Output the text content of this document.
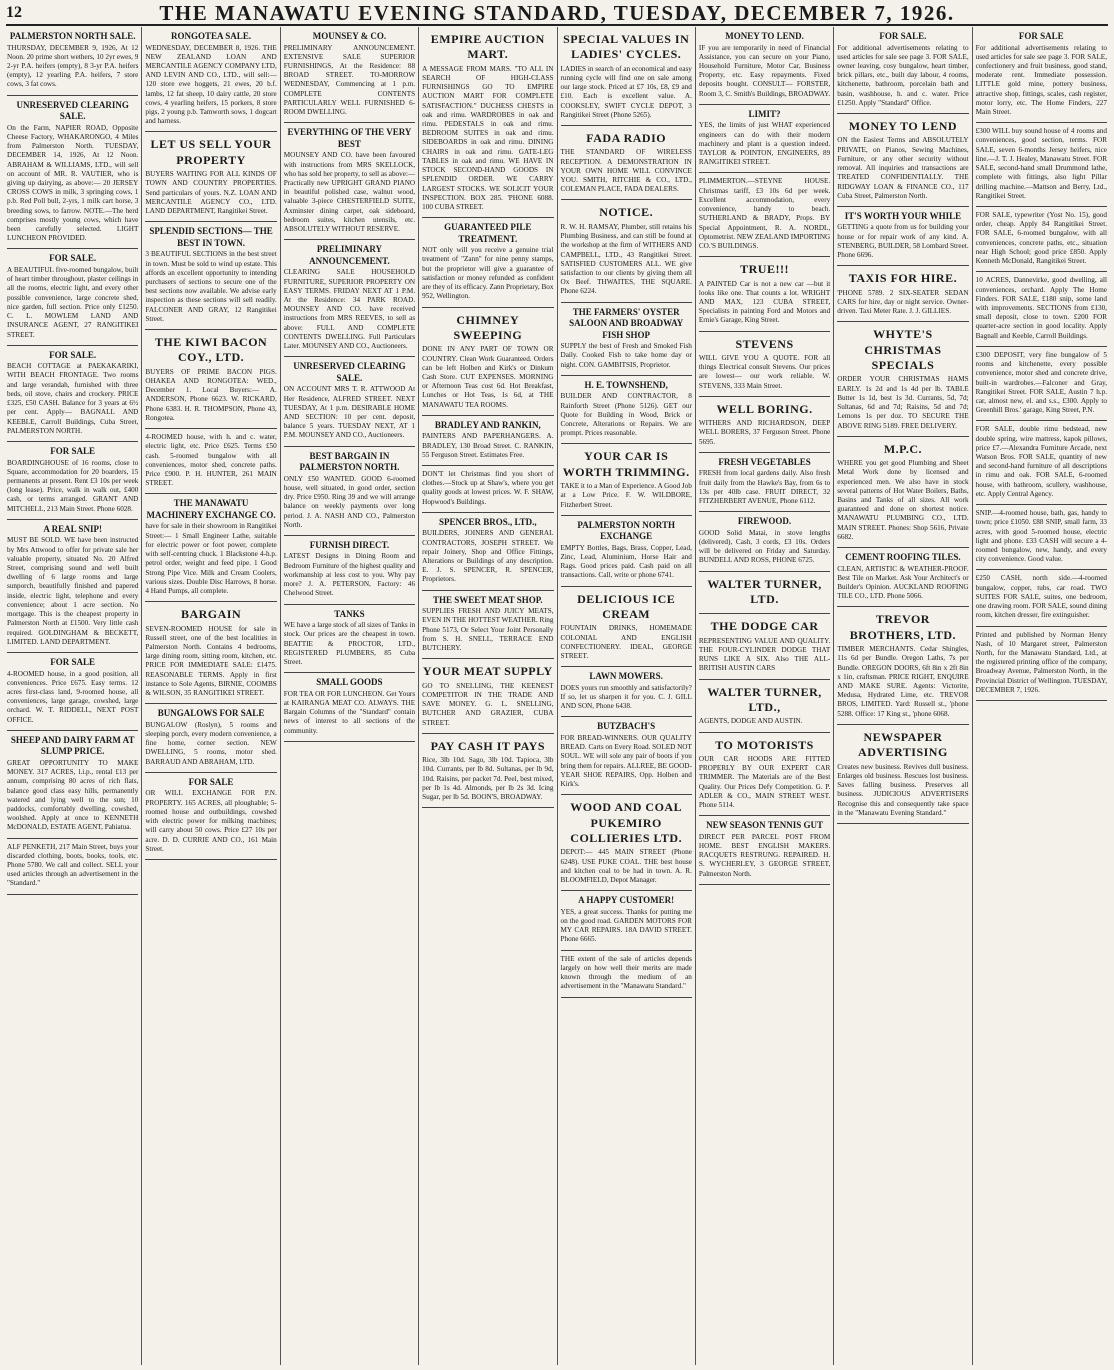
12	THE MANAWATU EVENING STANDARD, TUESDAY, DECEMBER 7, 1926.
PALMERSTON NORTH SALE.
THURSDAY, DECEMBER 9, 1926, At 12 Noon. 20 prime short wethers, 10 2yr ewes, 9 2-yr P.A. heifers (empty), 8 3-yr P.A. heifers (empty), 12 yearling P.A. heifers, 7 store cows, 3 fat cows.
UNRESERVED CLEARING SALE.
On the Farm, NAPIER ROAD, Opposite Cheese Factory, WHAKARONGO, 4 Miles from Palmerston North. TUESDAY, DECEMBER 14, 1926, At 12 Noon. ABRAHAM & WILLIAMS, LTD., will sell on account of MR. R. VAUTIER, who is giving up dairying, as above:— 20 JERSEY CROSS COWS in milk, 3 springing cows, 1 p.b. Red Poll bull, 2-yrs, 1 milk cart horse, 3 breeding sows, to farrow. NOTE.—The herd comprises mostly young cows, which have been carefully selected. LIGHT LUNCHEON PROVIDED.
FOR SALE.
A BEAUTIFUL five-roomed bungalow, built of heart timber throughout, plaster ceilings in all the rooms, electric light, and every other possible convenience, large concrete shed, nice garden, full section. Price only £1250. C. L. MOWLEM LAND AND INSURANCE AGENT, 27 RANGITIKEI STREET.
FOR SALE.
BEACH COTTAGE at PAEKAKARIKI, WITH BEACH FRONTAGE. Two rooms and large verandah, furnished with three beds, oil stove, chairs and crockery. PRICE £325, £50 CASH. Balance for 3 years at 6½ per cent. Apply— BAGNALL AND KEEBLE, Carroll Buildings, Cuba Street, PALMERSTON NORTH.
FOR SALE
BOARDINGHOUSE of 16 rooms, close to Square, accommodation for 20 boarders, 15 permanents at present. Rent £3 10s per week (long lease). Price, walk in walk out, £400 cash, or terms arranged. GRANT AND MITCHELL, 213 Main Street. Phone 6028.
A REAL SNIP!
MUST BE SOLD. WE have been instructed by Mrs Attwood to offer for private sale her valuable property, situated No. 20 Alfred Street, comprising sound and well built dwelling of 6 large rooms and large sunporch, beautifully finished and papered inside, electric light, telephone and every convenience; about 1 acre section. No mortgage. This is the cheapest property in Palmerston North at £1500. Very little cash required. GOLDINGHAM & BECKETT, LIMITED. LAND DEPARTMENT.
FOR SALE
4-ROOMED house, in a good position, all conveniences. Price £675. Easy terms. 12 acres first-class land, 9-roomed house, all conveniences, large garage, cowshed, large orchard. W. T. RIDDELL, NEXT POST OFFICE.
SHEEP AND DAIRY FARM AT SLUMP PRICE.
GREAT OPPORTUNITY TO MAKE MONEY. 317 ACRES, l.i.p., rental £13 per annum, comprising 80 acres of rich flats, balance good class easy hills, permanently watered and lying well to the sun; 10 paddocks, comfortably dwelling, cowshed, woolshed. Apply at once to KENNETH McDONALD, ESTATE AGENT, Pahiatua.
ALF PENKETH, 217 Main Street, buys your discarded clothing, boots, books, tools, etc. Phone 5780. We call and collect. SELL your used articles through an advertisement in the "Standard."
RONGOTEA SALE.
WEDNESDAY, DECEMBER 8, 1926. THE NEW ZEALAND LOAN AND MERCANTILE AGENCY COMPANY LTD, AND LEVIN AND CO., LTD., will sell:— 120 store ewe hoggets, 21 ewes, 20 b.f. lambs, 12 fat sheep, 10 dairy cattle, 20 store cows, 4 yearling heifers, 15 porkers, 8 store pigs, 2 young p.b. Tamworth sows, 1 dogcart and harness.
LET US SELL YOUR PROPERTY
BUYERS WAITING FOR ALL KINDS OF TOWN AND COUNTRY PROPERTIES. Send particulars of yours. N.Z. LOAN AND MERCANTILE AGENCY CO., LTD. LAND DEPARTMENT, Rangitikei Street.
SPLENDID SECTIONS— THE BEST IN TOWN.
3 BEAUTIFUL SECTIONS in the best street in town. Must be sold to wind up estate. This affords an excellent opportunity to intending purchasers of sections to secure one of the best sections now available. We advise early inspection as these sections will sell readily. FALCONER AND GRAY, 12 Rangitikei Street.
THE KIWI BACON COY., LTD.
BUYERS OF PRIME BACON PIGS. OHAKEA AND RONGOTEA: WED., December 1. Local Buyers:— A. ANDERSON, Phone 6623. W. RICKARD, Phone 6383. H. R. THOMPSON, Phone 43, Rongotea.
4-ROOMED house, with h. and c. water, electric light, etc. Price £625. Terms £50 cash. 5-roomed bungalow with all conveniences, motor shed, concrete paths. Price £900. P. H. HUNTER, 261 MAIN STREET.
THE MANAWATU MACHINERY EXCHANGE CO.
have for sale in their showroom in Rangitikei Street:— 1 Small Engineer Lathe, suitable for electric power or foot power, complete with self-centring chuck. 1 Blackstone 4-h.p. petrol order, weight and feed pipe. 1 Good Strong Pipe Vice. Milk and Cream Coolers, various sizes. Double Disc Harrows, 8 horse. 4 Hand Pumps, all complete.
BARGAIN
SEVEN-ROOMED HOUSE for sale in Russell street, one of the best localities in Palmerston North. Contains 4 bedrooms, large dining room, sitting room, kitchen, etc. PRICE FOR IMMEDIATE SALE: £1475. REASONABLE TERMS. Apply in first instance to Sole Agents, BIRNIE, COOMBS & WILSON, 35 RANGITIKEI STREET.
BUNGALOWS FOR SALE
BUNGALOW (Roslyn), 5 rooms and sleeping porch, every modern convenience, a fine home, corner section. NEW DWELLING, 5 rooms, motor shed. BARRAUD AND ABRAHAM, LTD.
FOR SALE
OR WILL EXCHANGE FOR P.N. PROPERTY. 165 ACRES, all ploughable; 5-roomed house and outbuildings, cowshed with electric power for milking machines; will carry about 50 cows. Price £27 10s per acre. D. D. CURRIE AND CO., 161 Main Street.
MOUNSEY & CO.
PRELIMINARY ANNOUNCEMENT. EXTENSIVE SALE SUPERIOR FURNISHINGS, At the Residence: 88 BROAD STREET. TO-MORROW WEDNESDAY, Commencing at 1 p.m. COMPLETE CONTENTS PARTICULARLY WELL FURNISHED 6-ROOM DWELLING.
EVERYTHING OF THE VERY BEST
MOUNSEY AND CO. have been favoured with instructions from MRS SKELLOCK, who has sold her property, to sell as above:— Practically new UPRIGHT GRAND PIANO in beautiful polished case, walnut wood, valuable 3-piece CHESTERFIELD SUITE, Axminster dining carpet, oak sideboard, bedroom suites, kitchen utensils, etc. ABSOLUTELY WITHOUT RESERVE.
PRELIMINARY ANNOUNCEMENT.
CLEARING SALE HOUSEHOLD FURNITURE, SUPERIOR PROPERTY ON EASY TERMS. FRIDAY NEXT AT 1 P.M. At the Residence: 34 PARK ROAD. MOUNSEY AND CO. have received instructions from MRS REEVES, to sell as above: FULL AND COMPLETE CONTENTS DWELLING. Full Particulars Later. MOUNSEY AND CO., Auctioneers.
UNRESERVED CLEARING SALE.
ON ACCOUNT MRS T. R. ATTWOOD At Her Residence, ALFRED STREET. NEXT TUESDAY, At 1 p.m. DESIRABLE HOME AND SECTION: 10 per cent. deposit, balance 5 years. TUESDAY NEXT, AT 1 P.M. MOUNSEY AND CO., Auctioneers.
BEST BARGAIN IN PALMERSTON NORTH.
ONLY £50 WANTED. GOOD 6-roomed house, well situated, in good order, section dry. Price £950. Ring 39 and we will arrange balance on weekly payments over long period. J. A. NASH AND CO., Palmerston North.
FURNISH DIRECT.
LATEST Designs in Dining Room and Bedroom Furniture of the highest quality and workmanship at less cost to you. Why pay more? J. A. PETERSON, Factory: 46 Chelwood Street.
TANKS
WE have a large stock of all sizes of Tanks in stock. Our prices are the cheapest in town. BEATTIE & PROCTOR, LTD., REGISTERED PLUMBERS, 85 Cuba Street.
SMALL GOODS
FOR TEA OR FOR LUNCHEON. Get Yours at KAIRANGA MEAT CO. ALWAYS. THE Bargain Columns of the "Standard" contain news of interest to all sections of the community.
EMPIRE AUCTION MART.
A MESSAGE FROM MARS. "TO ALL IN SEARCH OF HIGH-CLASS FURNISHINGS GO TO EMPIRE AUCTION MART FOR COMPLETE SATISFACTION." DUCHESS CHESTS in oak and rimu. WARDROBES in oak and rimu. PEDESTALS in oak and rimu. BEDROOM SUITES in oak and rimu. SIDEBOARDS in oak and rimu. DINING CHAIRS in oak and rimu. GATE-LEG TABLES in oak and rimu. WE HAVE IN STOCK SECOND-HAND GOODS IN SPLENDID ORDER. WE CARRY LARGEST STOCKS. WE SOLICIT YOUR INSPECTION. BOX 285. 'PHONE 6088. 100 CUBA STREET.
GUARANTEED PILE TREATMENT.
NOT only will you receive a genuine trial treatment of "Zann" for nine penny stamps, but the proprietor will give a guarantee of satisfaction or money refunded as confident are they of its efficacy. Zann Proprietary, Box 952, Wellington.
CHIMNEY SWEEPING
DONE IN ANY PART OF TOWN OR COUNTRY. Clean Work Guaranteed. Orders can be left Holben and Kirk's or Dinkum Cash Store. CUT EXPENSES. MORNING or Afternoon Teas cost 6d. Hot Breakfast, Lunches or Hot Teas, 1s 6d, at THE MANAWATU TEA ROOMS.
BRADLEY AND RANKIN,
PAINTERS AND PAPERHANGERS. A. BRADLEY, 130 Broad Street. C. RANKIN, 55 Ferguson Street. Estimates Free.
DON'T let Christmas find you short of clothes.—Stock up at Shaw's, where you get quality goods at lowest prices. W. F. SHAW, Hopwood's Buildings.
SPENCER BROS., LTD.,
BUILDERS, JOINERS AND GENERAL CONTRACTORS, JOSEPH STREET. We repair Joinery, Shop and Office Fittings, Alterations or Buildings of any description. E. J. S. SPENCER, R. SPENCER, Proprietors.
THE SWEET MEAT SHOP.
SUPPLIES FRESH AND JUICY MEATS, EVEN IN THE HOTTEST WEATHER. Ring Phone 5173, Or Select Your Joint Personally from S. H. SNELL, TERRACE END BUTCHERY.
YOUR MEAT SUPPLY
GO TO SNELLING, THE KEENEST COMPETITOR IN THE TRADE AND SAVE MONEY. G. L. SNELLING, BUTCHER AND GRAZIER, CUBA STREET.
PAY CASH IT PAYS
Rice, 3lb 10d. Sago, 3lb 10d. Tapioca, 3lb 10d. Currants, per lb 8d. Sultanas, per lb 9d, 10d. Raisins, per packet 7d. Peel, best mixed, per lb 1s 4d. Almonds, per lb 2s 3d. Icing Sugar, per lb 5d. BOON'S, BROADWAY.
SPECIAL VALUES IN LADIES' CYCLES.
LADIES in search of an economical and easy running cycle will find one on sale among our large stock. Priced at £7 10s, £8, £9 and £10. Each is excellent value. A. COOKSLEY, SWIFT CYCLE DEPOT, 3 Rangitikei Street (Phone 5265).
FADA RADIO
THE STANDARD OF WIRELESS RECEPTION. A DEMONSTRATION IN YOUR OWN HOME WILL CONVINCE YOU. SMITH, RITCHIE & CO., LTD., COLEMAN PLACE, FADA DEALERS.
NOTICE.
R. W. H. RAMSAY, Plumber, still retains his Plumbing Business, and can still be found at the workshop at the firm of WITHERS AND CAMPBELL, LTD., 43 Rangitikei Street. SATISFIED CUSTOMERS ALL. WE give satisfaction to our clients by giving them all Ox Beef. THWAITES, THE SQUARE. Phone 6224.
THE FARMERS' OYSTER SALOON AND BROADWAY FISH SHOP
SUPPLY the best of Fresh and Smoked Fish Daily. Cooked Fish to take home day or night. CON. GAMBITSIS, Proprietor.
H. E. TOWNSHEND,
BUILDER AND CONTRACTOR, 8 Rainforth Street (Phone 5126). GET our Quote for Building in Wood, Brick or Concrete, Alterations or Repairs. We are prompt. Prices reasonable.
YOUR CAR IS WORTH TRIMMING.
TAKE it to a Man of Experience. A Good Job at a Low Price. F. W. WILDBORE, Fitzherbert Street.
PALMERSTON NORTH EXCHANGE
EMPTY Bottles, Bags, Brass, Copper, Lead, Zinc, Lead, Aluminium, Horse Hair and Rags. Good prices paid. Cash paid on all transactions. Call, write or phone 6741.
DELICIOUS ICE CREAM
FOUNTAIN DRINKS, HOMEMADE COLONIAL AND ENGLISH CONFECTIONERY. IDEAL, GEORGE STREET.
LAWN MOWERS.
DOES yours run smoothly and satisfactorily? If so, let us sharpen it for you. C. J. GILL AND SON, Phone 6438.
BUTZBACH'S
FOR BREAD-WINNERS. OUR QUALITY BREAD. Carts on Every Road. SOLED NOT SOUL. WE will sole any pair of boots if you bring them for repairs. ALLREE, BE GOOD-YEAR SHOE REPAIRS, Opp. Holben and Kirk's.
WOOD AND COAL PUKEMIRO COLLIERIES LTD.
DEPOT:— 445 MAIN STREET (Phone 6248). USE PUKE COAL. THE best house and kitchen coal to be had in town. A. R. BLOOMFIELD, Depot Manager.
A HAPPY CUSTOMER!
YES, a great success. Thanks for putting me on the good road. GARDEN MOTORS FOR MY CAR REPAIRS. 18A DAVID STREET. Phone 6665.
THE extent of the sale of articles depends largely on how well their merits are made known through the medium of an advertisement in the "Manawatu Standard."
MONEY TO LEND.
IF you are temporarily in need of Financial Assistance, you can secure on your Piano, Household Furniture, Motor Car, Business Property, etc. Easy repayments. Fixed deposits bought. CONSULT— FORSTER, Room 3, C. Smith's Buildings, BROADWAY.
LIMIT?
YES, the limits of just WHAT experienced engineers can do with their modern machinery and plant is a question indeed. TAYLOR & POINTON, ENGINEERS, 89 RANGITIKEI STREET.
PLIMMERTON.—STEYNE HOUSE. Christmas tariff, £3 10s 6d per week. Excellent accommodation, every convenience, handy to beach. SUTHERLAND & BRADY, Props. BY Special Appointment, R. A. NORDL, Optometrist. NEW ZEALAND IMPORTING CO.'S BUILDINGS.
TRUE!!!
A PAINTED Car is not a new car —but it looks like one. That counts a lot. WRIGHT AND MAX, 123 CUBA STREET, Specialists in painting Ford and Motors and Ernie's Garage, King Street.
STEVENS
WILL GIVE YOU A QUOTE. FOR all things Electrical consult Stevens. Our prices are lowest— our work reliable. W. STEVENS, 333 Main Street.
WELL BORING.
WITHERS AND RICHARDSON, DEEP WELL BORERS, 37 Ferguson Street. Phone 5695.
FRESH VEGETABLES
FRESH from local gardens daily. Also fresh fruit daily from the Hawke's Bay, from 6s to 13s per 40lb case. FRUIT DIRECT, 32 FITZHERBERT AVENUE, Phone 6112.
FIREWOOD.
GOOD Solid Matai, in stove lengths (delivered), Cash, 3 cords, £3 10s. Orders will be delivered on Friday and Saturday. BUNDELL AND ROSS, PHONE 6725.
WALTER TURNER, LTD.
THE DODGE CAR
REPRESENTING VALUE AND QUALITY. THE FOUR-CYLINDER DODGE THAT RUNS LIKE A SIX. Also THE ALL-BRITISH AUSTIN CARS
WALTER TURNER, LTD.,
AGENTS, DODGE AND AUSTIN.
TO MOTORISTS
OUR CAR HOODS ARE FITTED PROPERLY BY OUR EXPERT CAR TRIMMER. The Materials are of the Best Quality. Our Prices Defy Competition. G. P. ADLER & CO., MAIN STREET WEST. Phone 5114.
NEW SEASON TENNIS GUT
DIRECT PER PARCEL POST FROM HOME. BEST ENGLISH MAKERS. RACQUETS RESTRUNG. REPAIRED. H. S. WYCHERLEY, 3 GEORGE STREET, Palmerston North.
FOR SALE.
For additional advertisements relating to used articles for sale see page 3. FOR SALE, owner leaving, cosy bungalow, heart timber, brick pillars, etc., built day labour, 4 rooms, kitchenette, bathroom, porcelain bath and basin, washhouse, h. and c. water. Price £1250. Apply "Standard" Office.
MONEY TO LEND
ON the Easiest Terms and ABSOLUTELY PRIVATE, on Pianos, Sewing Machines, Furniture, or any other security without removal. All inquiries and transactions are TREATED CONFIDENTIALLY. THE RIDGWAY LOAN & FINANCE CO., 117 Cuba Street, Palmerston North.
IT'S WORTH YOUR WHILE
GETTING a quote from us for building your house or for repair work of any kind. A. STENBERG, BUILDER, 58 Lombard Street. Phone 6696.
TAXIS FOR HIRE.
'PHONE 5789. 2 SIX-SEATER SEDAN CARS for hire, day or night service. Owner-driven. Taxi Meter Rate. J. J. GILLIES.
WHYTE'S CHRISTMAS SPECIALS
ORDER YOUR CHRISTMAS HAMS EARLY. 1s 2d and 1s 4d per lb. TABLE Butter 1s 1d, best 1s 3d. Currants, 5d, 7d; Sultanas, 6d and 7d; Raisins, 5d and 7d; Lemons 1s per doz. TO SECURE THE ABOVE RING 5189. FREE DELIVERY.
M.P.C.
WHERE you get good Plumbing and Sheet Metal Work done by licensed and experienced men. We also have in stock several patterns of Hot Water Boilers, Baths, Basins and Tanks of all sizes. All work guaranteed and done on shortest notice. MANAWATU PLUMBING CO., LTD. MAIN STREET. Phones: Shop 5616, Private 6682.
CEMENT ROOFING TILES.
CLEAN, ARTISTIC & WEATHER-PROOF. Best Tile on Market. Ask Your Architect's or Builder's Opinion. AUCKLAND ROOFING TILE CO., LTD. Phone 5066.
TREVOR BROTHERS, LTD.
TIMBER MERCHANTS. Cedar Shingles, 11s 6d per Bundle. Oregon Laths, 7s per Bundle. OREGON DOORS, 6ft 8in x 2ft 8in x 1in, craftsman. PRICE RIGHT, ENQUIRE AND MAKE SURE. Agents: Victorite, Medusa, Hydrated Lime, etc. TREVOR BROS, LIMITED. Yard: Russell st., 'phone 5288. Office: 17 King st., 'phone 6068.
NEWSPAPER ADVERTISING
Creates new business. Revives dull business. Enlarges old business. Rescues lost business. Saves falling business. Preserves all business. JUDICIOUS ADVERTISERS Recognise this and consequently take space in the "Manawatu Evening Standard."
FOR SALE
For additional advertisements relating to used articles for sale see page 3. FOR SALE, confectionery and fruit business, good stand, moderate rent. Immediate possession. LITTLE gold mine, pottery business, attractive shop, fittings, scales, cash register, motor lorry, etc. The Home Finders, 227 Main Street.
£300 WILL buy sound house of 4 rooms and conveniences, good section, terms. FOR SALE, seven 6-months Jersey heifers, nice line.—J. T. J. Healey, Manawatu Street. FOR SALE, second-hand small Drummond lathe, complete with fittings, also light Pillar drilling machine.—Mattson and Berry, Ltd., Rangitikei Street.
FOR SALE, typewriter (Yost No. 15), good order, cheap. Apply 84 Rangitikei Street. FOR SALE, 6-roomed bungalow, with all conveniences, concrete paths, etc., situation near High School; good price £850. Apply Kenneth McDonald, Rangitikei Street.
10 ACRES, Dannevirke, good dwelling, all conveniences, orchard. Apply The Home Finders. FOR SALE, £180 snip, some land with improvements. SECTIONS from £130, small deposit, close to town. £200 FOR quarter-acre section in good locality. Apply Bagnall and Keeble, Carroll Buildings.
£300 DEPOSIT, very fine bungalow of 5 rooms and kitchenette, every possible convenience, motor shed and concrete drive, built-in wardrobes.—Falconer and Gray, Rangitikei Street. FOR SALE, Austin 7 h.p. car, almost new, el. and s.s., £300. Apply to Greenhill Bros.' garage, King Street, P.N.
FOR SALE, double rimu bedstead, new double spring, wire mattress, kapok pillows, price £7.—Alexandra Furniture Arcade, next Watson Bros. FOR SALE, quantity of new and second-hand furniture of all descriptions in rimu and oak. FOR SALE, 6-roomed house, with bathroom, scullery, washhouse, etc. Apply Central Agency.
SNIP.—4-roomed house, bath, gas, handy to town; price £1050. £88 SNIP, small farm, 33 acres, with good 5-roomed house, electric light and phone. £33 CASH will secure a 4-roomed bungalow, new, handy, and every city convenience. Good value.
£250 CASH, north side.—4-roomed bungalow, copper, tubs, car road. TWO SUITES FOR SALE, suites, one bedroom, one drawing room. FOR SALE, sound dining room, kitchen dresser, fire extinguisher.
Printed and published by Norman Henry Nash, of 10 Margaret street, Palmerston North, for the Manawatu Standard, Ltd., at the registered printing office of the company, Broadway Avenue, Palmerston North, in the Provincial District of Wellington. TUESDAY, DECEMBER 7, 1926.
